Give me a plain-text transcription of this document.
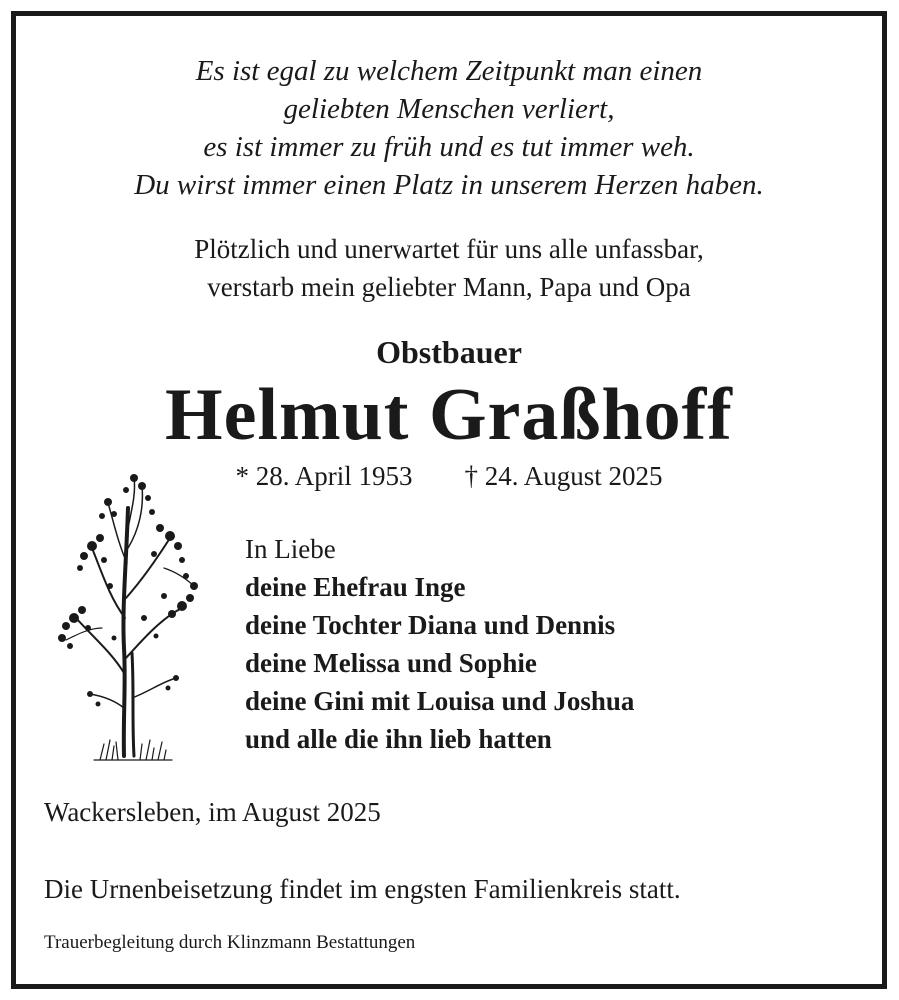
Es ist egal zu welchem Zeitpunkt man einen
geliebten Menschen verliert,
es ist immer zu früh und es tut immer weh.
Du wirst immer einen Platz in unserem Herzen haben.
Plötzlich und unerwartet für uns alle unfassbar,
verstarb mein geliebter Mann, Papa und Opa
Obstbauer
Helmut Graßhoff
* 28. April 1953 † 24. August 2025
In Liebe
deine Ehefrau Inge
deine Tochter Diana und Dennis
deine Melissa und Sophie
deine Gini mit Louisa und Joshua
und alle die ihn lieb hatten
Wackersleben, im August 2025
Die Urnenbeisetzung findet im engsten Familienkreis statt.
Trauerbegleitung durch Klinzmann Bestattungen
